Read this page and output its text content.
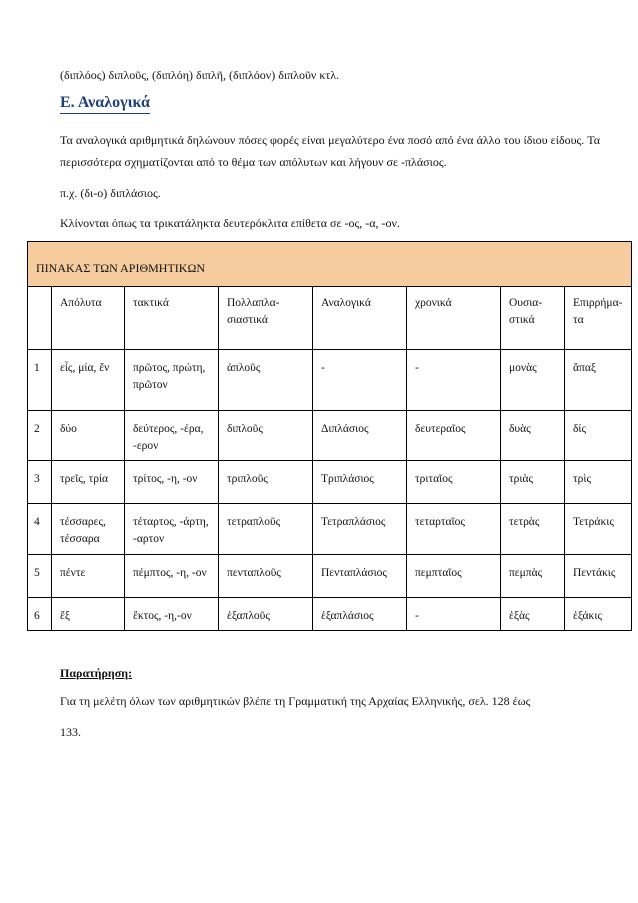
(διπλόος) διπλοῦς, (διπλόη) διπλῆ, (διπλόον) διπλοῦν κτλ.
Ε. Αναλογικά
Τα αναλογικά αριθμητικά δηλώνουν πόσες φορές είναι μεγαλύτερο ένα ποσό από ένα άλλο του ίδιου είδους. Τα περισσότερα σχηματίζονται από το θέμα των απόλυτων και λήγουν σε -πλάσιος.
π.χ. (δι-ο) διπλάσιος.
Κλίνονται όπως τα τρικατάληκτα δευτερόκλιτα επίθετα σε -ος, -α, -ον.
ΠΙΝΑΚΑΣ ΤΩΝ ΑΡΙΘΜΗΤΙΚΩΝ							
	Απόλυτα	τακτικά	Πολλαπλα-σιαστικά	Αναλογικά	χρονικά	Ουσια-στικά	Επιρρήμα-τα
1	εἷς, μία, ἕν	πρῶτος, πρώτη, πρῶτον	ἁπλοῦς	-	-	μονὰς	ἅπαξ
2	δύο	δεύτερος, -έρα, -ερον	διπλοῦς	Διπλάσιος	δευτεραῖος	δυὰς	δίς
3	τρεῖς, τρία	τρίτος, -η, -ον	τριπλοῦς	Τριπλάσιος	τριταῖος	τριὰς	τρὶς
4	τέσσαρες, τέσσαρα	τέταρτος, -άρτη, -αρτον	τετραπλοῦς	Τετραπλάσιος	τεταρταῖος	τετρὰς	Τετράκις
5	πέντε	πέμπτος, -η, -ον	πενταπλοῦς	Πενταπλάσιος	πεμπταῖος	πεμπὰς	Πεντάκις
6	ἕξ	ἕκτος, -η,-ον	ἑξαπλοῦς	ἑξαπλάσιος	-	ἑξὰς	ἑξάκις
Παρατήρηση:
Για τη μελέτη όλων των αριθμητικών βλέπε τη Γραμματική της Αρχαίας Ελληνικής, σελ. 128 έως
133.
